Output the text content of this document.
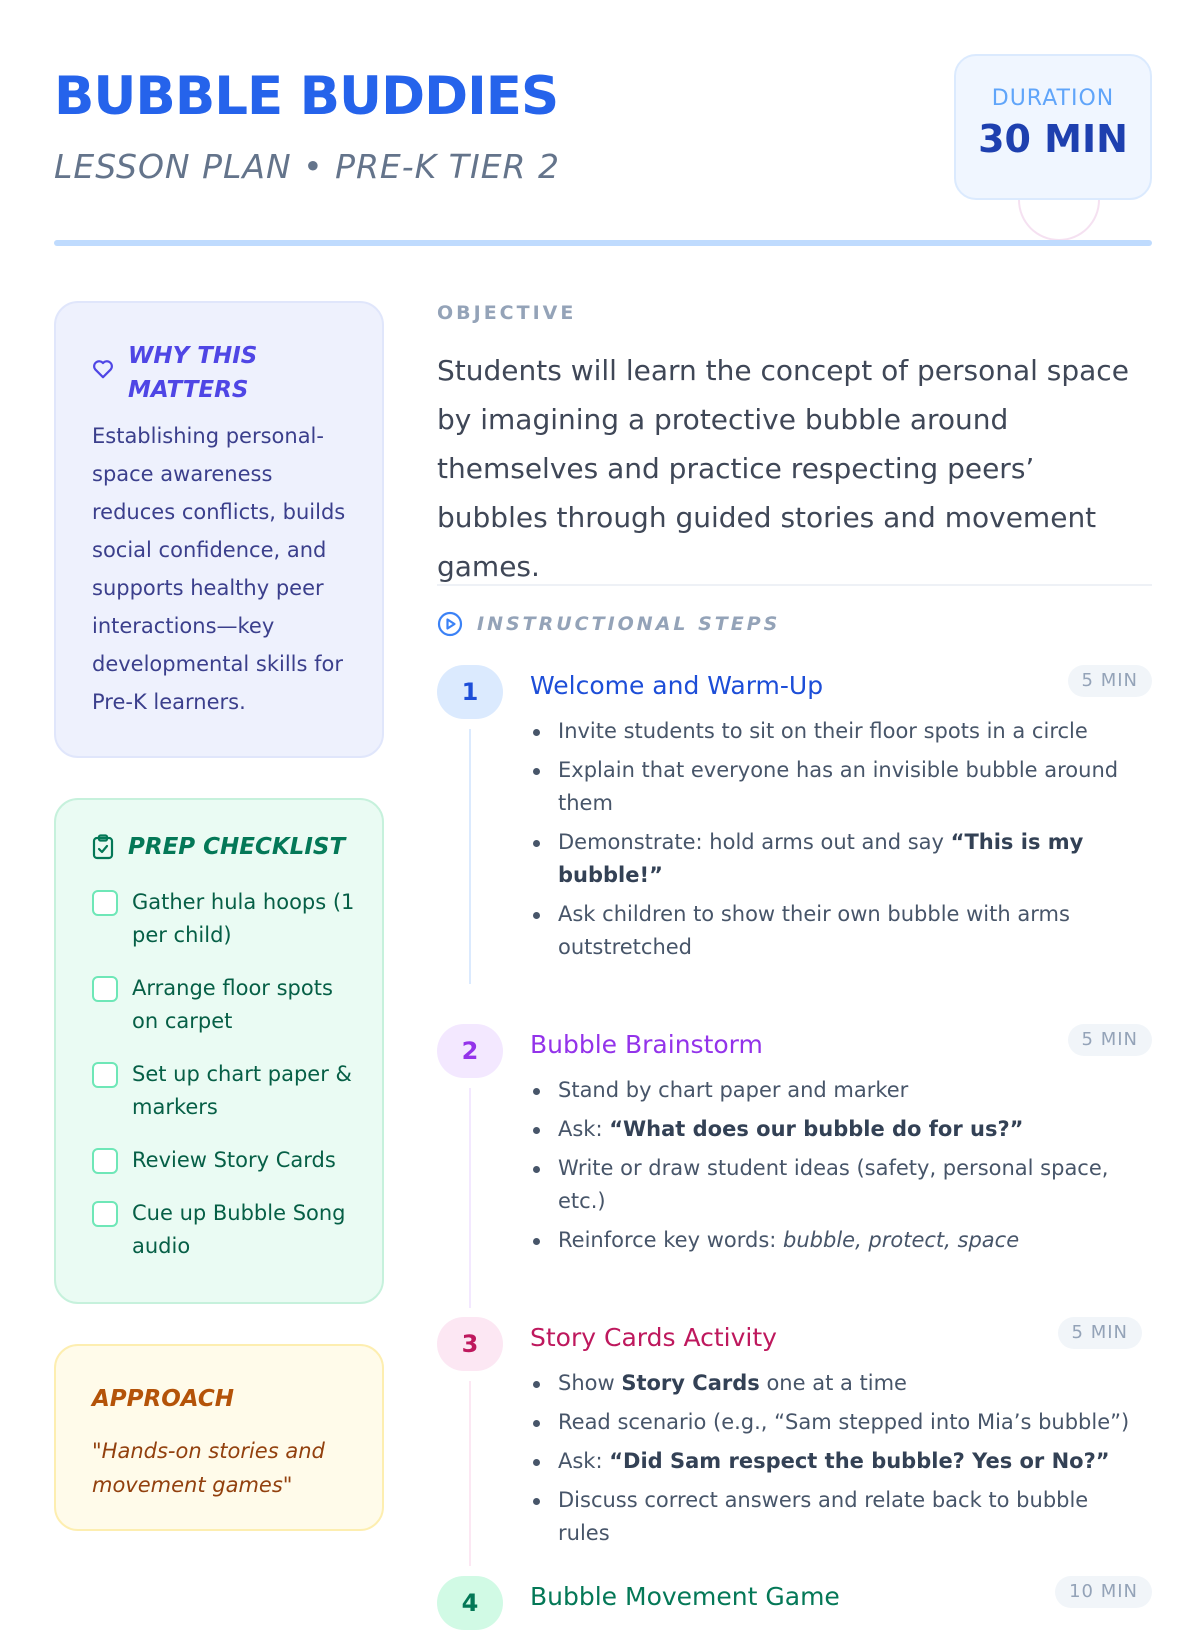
BUBBLE BUDDIES
LESSON PLAN • PRE-K TIER 2
DURATION
30 MIN
WHY THIS MATTERS
Establishing personal-space awareness reduces conflicts, builds social confidence, and supports healthy peer interactions—key developmental skills for Pre-K learners.
PREP CHECKLIST
Gather hula hoops (1 per child)
Arrange floor spots on carpet
Set up chart paper & markers
Review Story Cards
Cue up Bubble Song audio
APPROACH
"Hands-on stories and movement games"
OBJECTIVE
Students will learn the concept of personal space by imagining a protective bubble around themselves and practice respecting peers’ bubbles through guided stories and movement games.
INSTRUCTIONAL STEPS
1	Welcome and Warm-Up	5 MIN
Invite students to sit on their floor spots in a circle
Explain that everyone has an invisible bubble around them
Demonstrate: hold arms out and say “This is my bubble!”
Ask children to show their own bubble with arms outstretched
2	Bubble Brainstorm	5 MIN
Stand by chart paper and marker
Ask: “What does our bubble do for us?”
Write or draw student ideas (safety, personal space, etc.)
Reinforce key words: bubble, protect, space
3	Story Cards Activity	5 MIN
Show Story Cards one at a time
Read scenario (e.g., “Sam stepped into Mia’s bubble”)
Ask: “Did Sam respect the bubble? Yes or No?”
Discuss correct answers and relate back to bubble rules
4	Bubble Movement Game	10 MIN
